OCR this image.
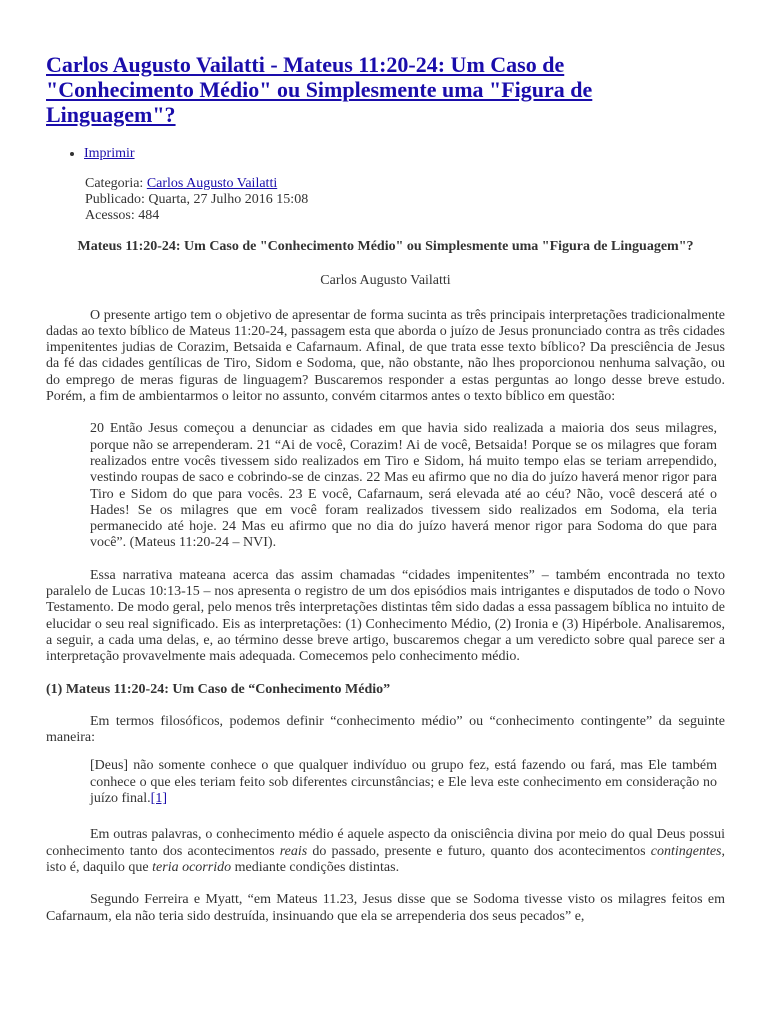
Carlos Augusto Vailatti - Mateus 11:20-24: Um Caso de "Conhecimento Médio" ou Simplesmente uma "Figura de Linguagem"?
• Imprimir
Categoria: Carlos Augusto Vailatti
Publicado: Quarta, 27 Julho 2016 15:08
Acessos: 484

Mateus 11:20-24: Um Caso de "Conhecimento Médio" ou Simplesmente uma "Figura de Linguagem"?

Carlos Augusto Vailatti

O presente artigo tem o objetivo de apresentar de forma sucinta as três principais interpretações tradicionalmente dadas ao texto bíblico de Mateus 11:20-24, passagem esta que aborda o juízo de Jesus pronunciado contra as três cidades impenitentes judias de Corazim, Betsaida e Cafarnaum. Afinal, de que trata esse texto bíblico? Da presciência de Jesus da fé das cidades gentílicas de Tiro, Sidom e Sodoma, que, não obstante, não lhes proporcionou nenhuma salvação, ou do emprego de meras figuras de linguagem? Buscaremos responder a estas perguntas ao longo desse breve estudo. Porém, a fim de ambientarmos o leitor no assunto, convém citarmos antes o texto bíblico em questão:

20 Então Jesus começou a denunciar as cidades em que havia sido realizada a maioria dos seus milagres, porque não se arrependeram. 21 “Ai de você, Corazim! Ai de você, Betsaida! Porque se os milagres que foram realizados entre vocês tivessem sido realizados em Tiro e Sidom, há muito tempo elas se teriam arrependido, vestindo roupas de saco e cobrindo-se de cinzas. 22 Mas eu afirmo que no dia do juízo haverá menor rigor para Tiro e Sidom do que para vocês. 23 E você, Cafarnaum, será elevada até ao céu? Não, você descerá até o Hades! Se os milagres que em você foram realizados tivessem sido realizados em Sodoma, ela teria permanecido até hoje. 24 Mas eu afirmo que no dia do juízo haverá menor rigor para Sodoma do que para você”. (Mateus 11:20-24 – NVI).

Essa narrativa mateana acerca das assim chamadas “cidades impenitentes” – também encontrada no texto paralelo de Lucas 10:13-15 – nos apresenta o registro de um dos episódios mais intrigantes e disputados de todo o Novo Testamento. De modo geral, pelo menos três interpretações distintas têm sido dadas a essa passagem bíblica no intuito de elucidar o seu real significado. Eis as interpretações: (1) Conhecimento Médio, (2) Ironia e (3) Hipérbole. Analisaremos, a seguir, a cada uma delas, e, ao término desse breve artigo, buscaremos chegar a um veredicto sobre qual parece ser a interpretação provavelmente mais adequada. Comecemos pelo conhecimento médio.

(1) Mateus 11:20-24: Um Caso de “Conhecimento Médio”

Em termos filosóficos, podemos definir “conhecimento médio” ou “conhecimento contingente” da seguinte maneira:

[Deus] não somente conhece o que qualquer indivíduo ou grupo fez, está fazendo ou fará, mas Ele também conhece o que eles teriam feito sob diferentes circunstâncias; e Ele leva este conhecimento em consideração no juízo final.[1]

Em outras palavras, o conhecimento médio é aquele aspecto da onisciência divina por meio do qual Deus possui conhecimento tanto dos acontecimentos reais do passado, presente e futuro, quanto dos acontecimentos contingentes, isto é, daquilo que teria ocorrido mediante condições distintas.

Segundo Ferreira e Myatt, “em Mateus 11.23, Jesus disse que se Sodoma tivesse visto os milagres feitos em Cafarnaum, ela não teria sido destruída, insinuando que ela se arrependeria dos seus pecados” e,
